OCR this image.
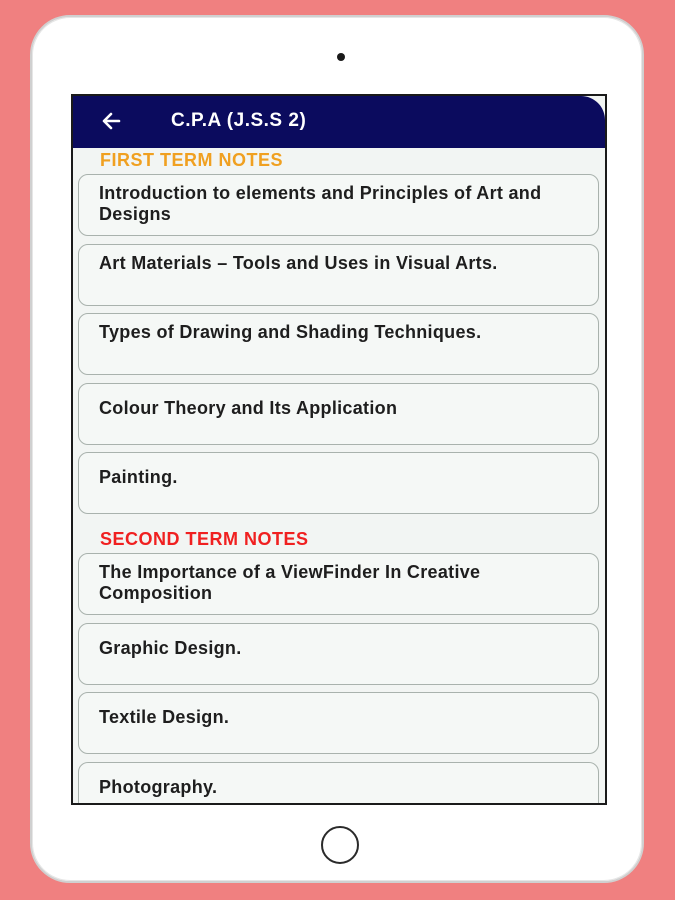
C.P.A (J.S.S 2)
FIRST TERM NOTES
Introduction to elements and Principles of Art and Designs
Art Materials – Tools and Uses in Visual Arts.
Types of Drawing and Shading Techniques.
Colour Theory and Its Application
Painting.
SECOND TERM NOTES
The Importance of a ViewFinder In Creative Composition
Graphic Design.
Textile Design.
Photography.
